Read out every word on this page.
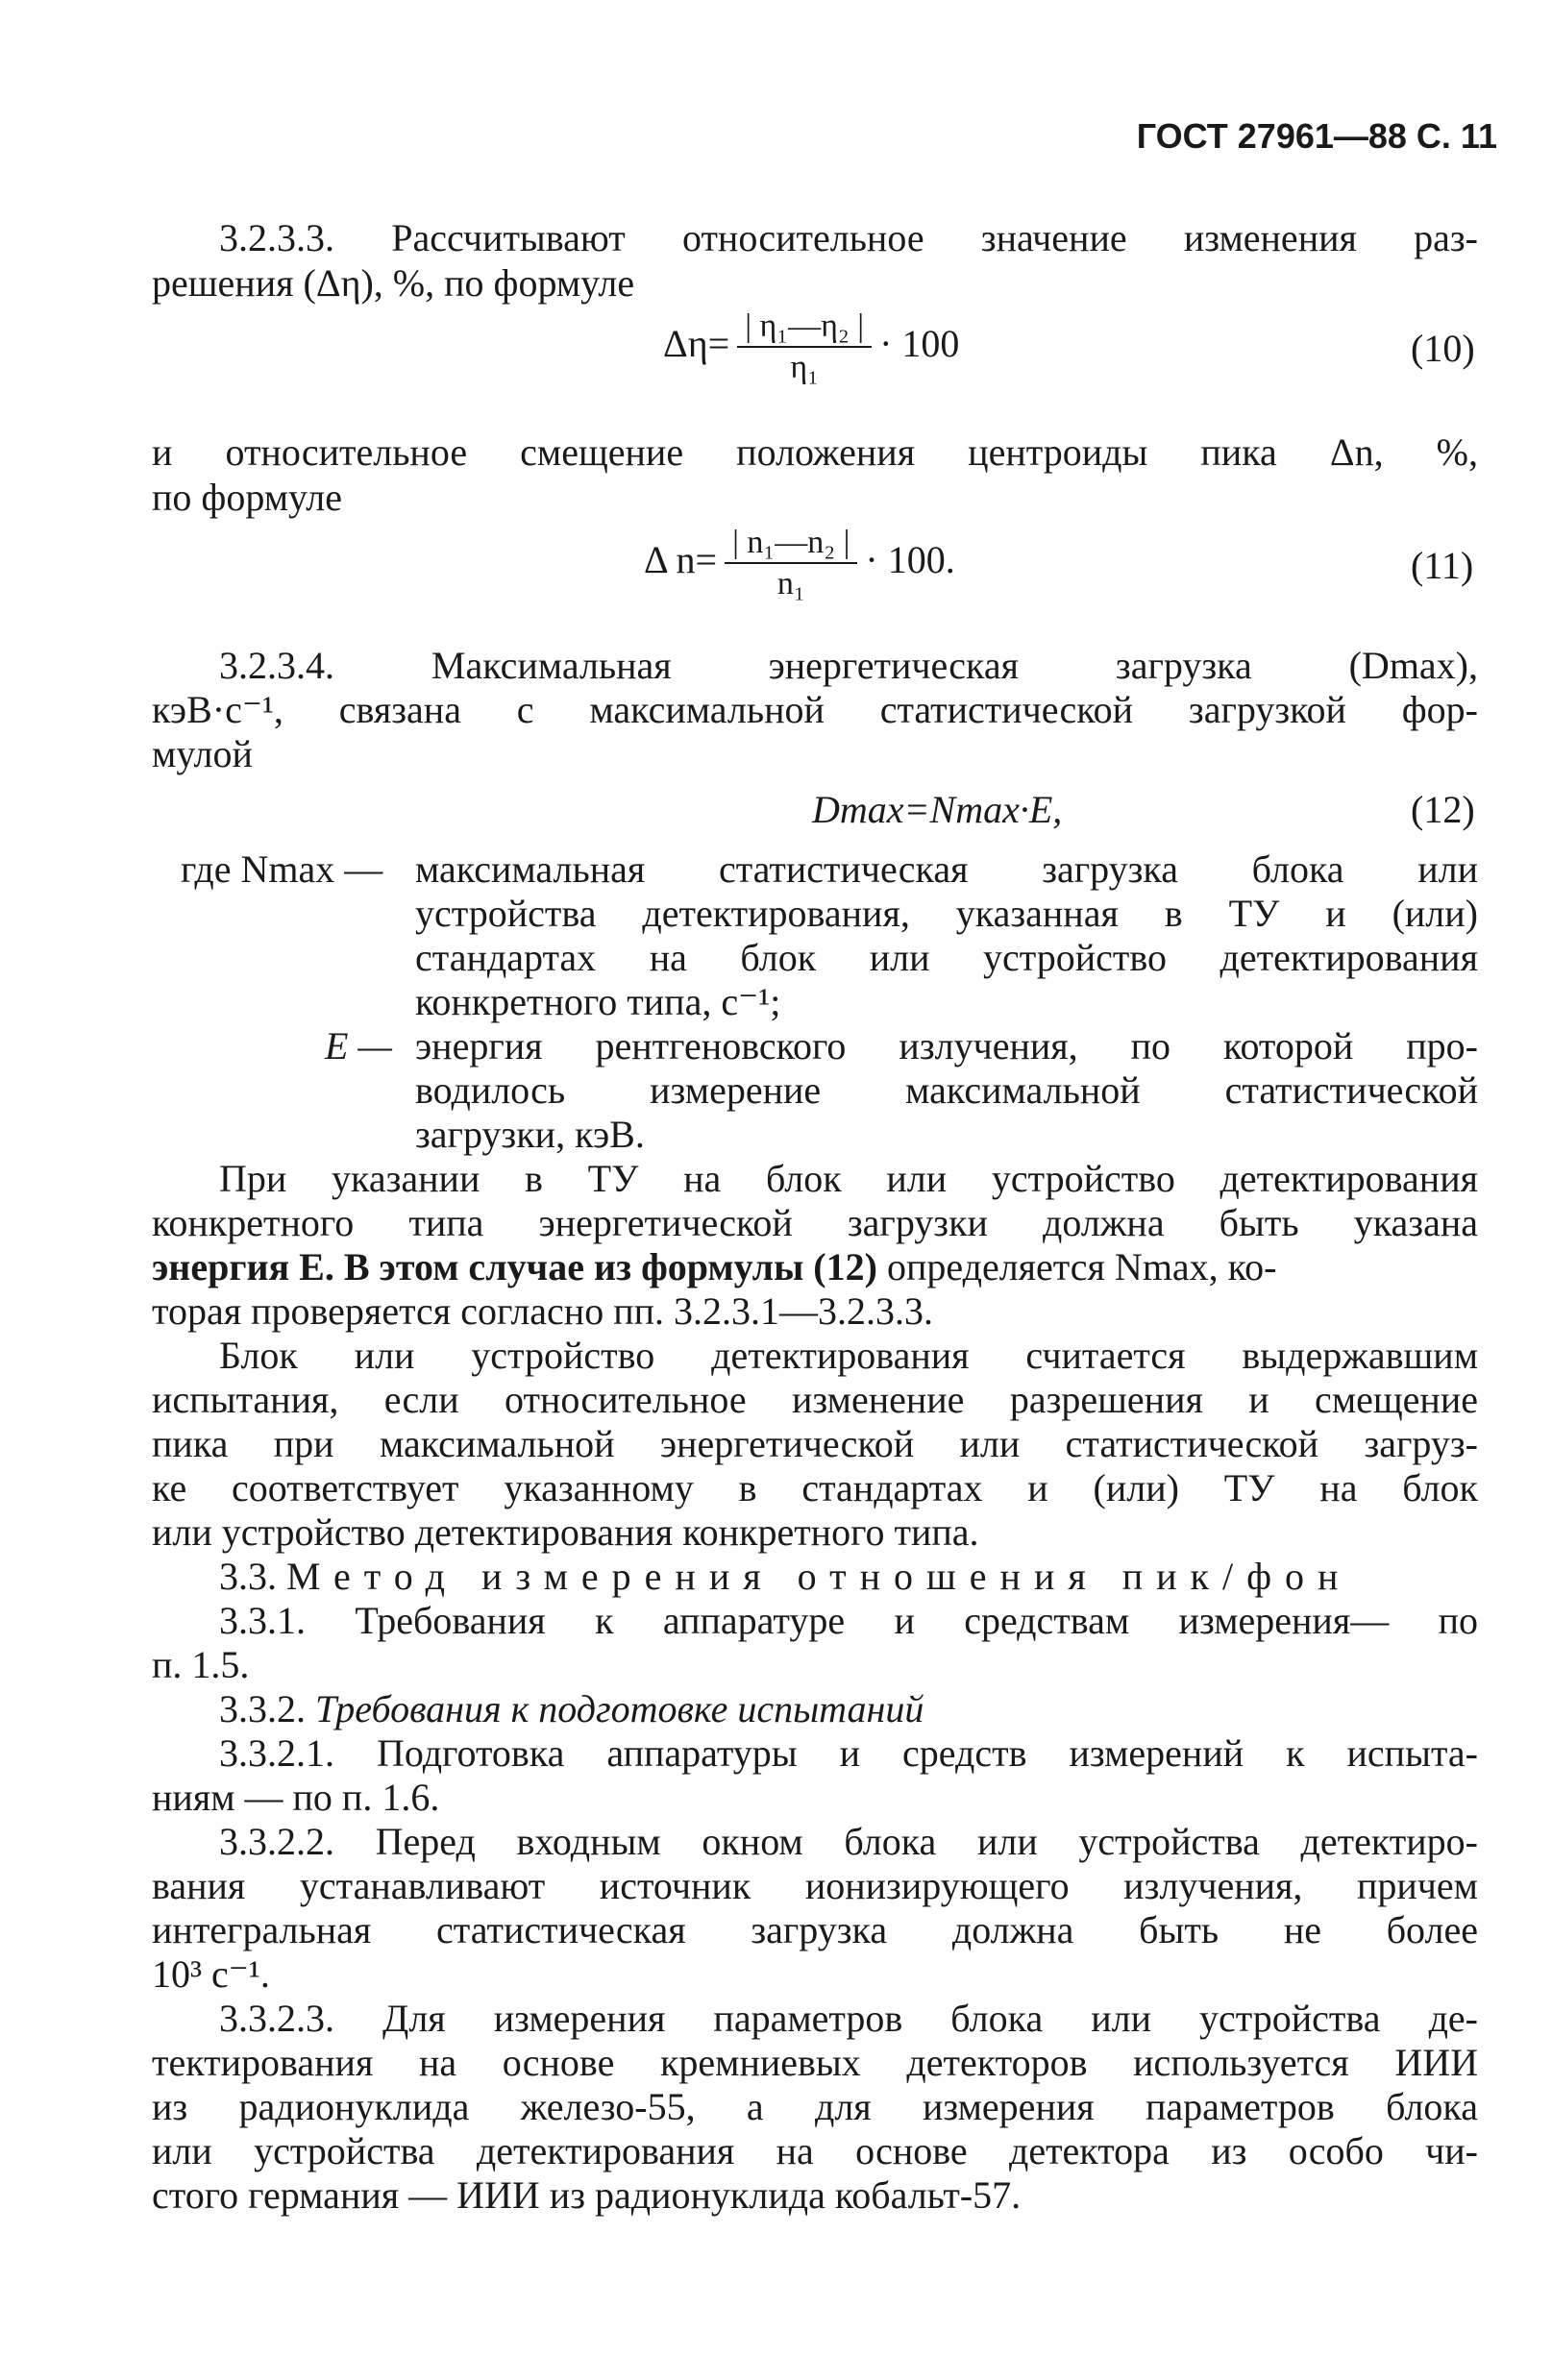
ГОСТ 27961—88 С. 11
3.2.3.3. Рассчитывают относительное значение изменения раз-
решения (Δη), %, по формуле
$\Delta\eta= \frac{\text{| η₁—η₂ |}}{\text{η₁}} \cdot 100$	(10)
и относительное смещение положения центроиды пика Δn, %,
по формуле
Δ $n= \frac{\text{| n₁—n₂ |}}{\text{n₁}} \cdot 100$.	(11)
3.2.3.4. Максимальная энергетическая загрузка (Dmax),
кэВ·с⁻¹, связана с максимальной статистической загрузкой фор-
мулой
Dmax=Nmax·E,	(12)
где Nmax — максимальная статистическая загрузка блока или
устройства детектирования, указанная в ТУ и (или)
стандартах на блок или устройство детектирования
конкретного типа, с⁻¹;
E — энергия рентгеновского излучения, по которой про-
водилось измерение максимальной статистической
загрузки, кэВ.
При указании в ТУ на блок или устройство детектирования
конкретного типа энергетической загрузки должна быть указана
энергия E. В этом случае из формулы (12) определяется Nmax, ко-
торая проверяется согласно пп. 3.2.3.1—3.2.3.3.
Блок или устройство детектирования считается выдержавшим
испытания, если относительное изменение разрешения и смещение
пика при максимальной энергетической или статистической загруз-
ке соответствует указанному в стандартах и (или) ТУ на блок
или устройство детектирования конкретного типа.
3.3. Метод измерения отношения пик/фон
3.3.1. Требования к аппаратуре и средствам измерения— по
п. 1.5.
3.3.2. Требования к подготовке испытаний
3.3.2.1. Подготовка аппаратуры и средств измерений к испыта-
ниям — по п. 1.6.
3.3.2.2. Перед входным окном блока или устройства детектиро-
вания устанавливают источник ионизирующего излучения, причем
интегральная статистическая загрузка должна быть не более
10³ с⁻¹.
3.3.2.3. Для измерения параметров блока или устройства де-
тектирования на основе кремниевых детекторов используется ИИИ
из радионуклида железо-55, а для измерения параметров блока
или устройства детектирования на основе детектора из особо чи-
стого германия — ИИИ из радионуклида кобальт-57.
